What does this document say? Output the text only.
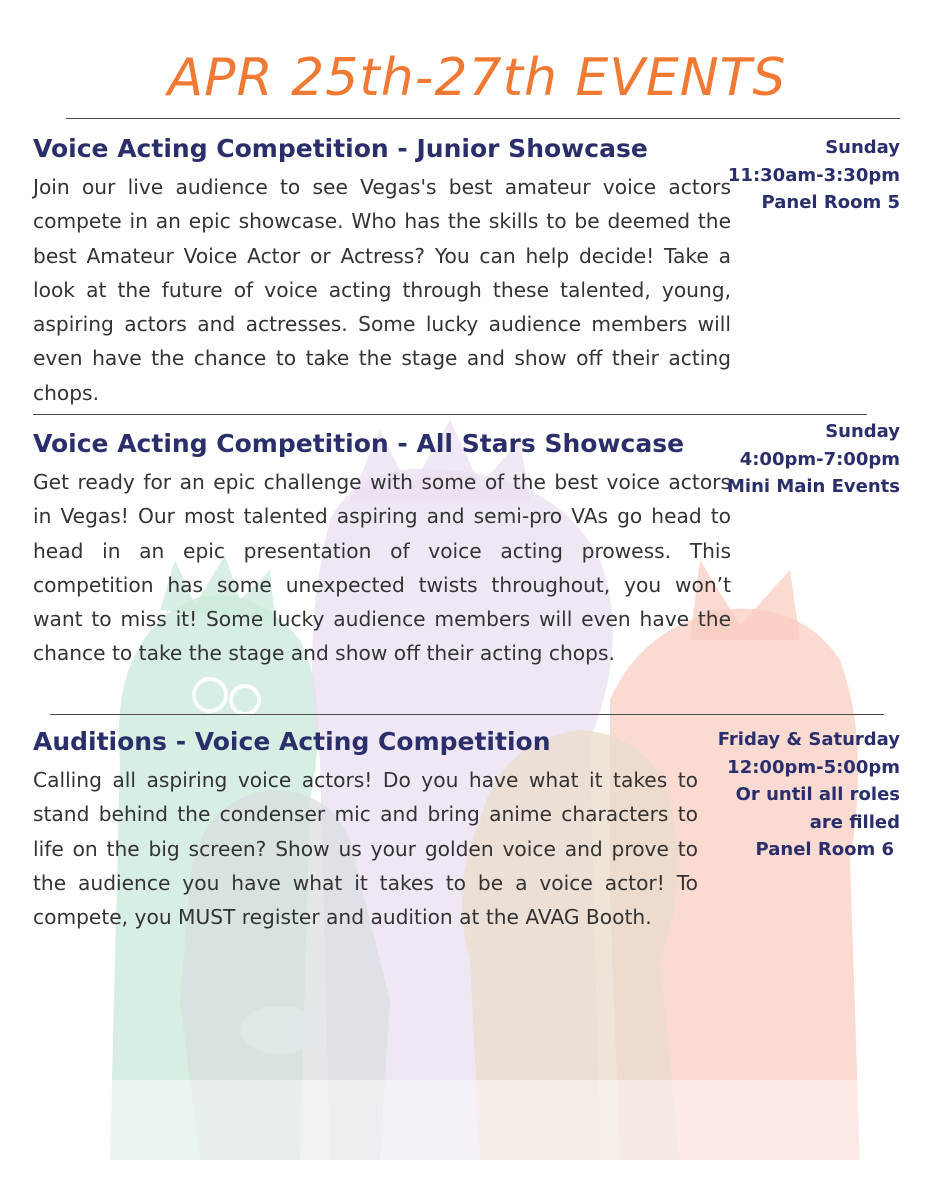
APR 25th-27th EVENTS
Voice Acting Competition - Junior Showcase

Join our live audience to see Vegas's best amateur voice actors compete in an epic showcase. Who has the skills to be deemed the best Amateur Voice Actor or Actress? You can help decide! Take a look at the future of voice acting through these talented, young, aspiring actors and actresses. Some lucky audience members will even have the chance to take the stage and show off their acting chops.

Sunday
11:30am-3:30pm
Panel Room 5
Voice Acting Competition - All Stars Showcase

Get ready for an epic challenge with some of the best voice actors in Vegas! Our most talented aspiring and semi-pro VAs go head to head in an epic presentation of voice acting prowess. This competition has some unexpected twists throughout, you won’t want to miss it! Some lucky audience members will even have the chance to take the stage and show off their acting chops.

Sunday
4:00pm-7:00pm
Mini Main Events
Auditions - Voice Acting Competition

Calling all aspiring voice actors! Do you have what it takes to stand behind the condenser mic and bring anime characters to life on the big screen? Show us your golden voice and prove to the audience you have what it takes to be a voice actor! To compete, you MUST register and audition at the AVAG Booth.

Friday & Saturday
12:00pm-5:00pm
Or until all roles
are filled
Panel Room 6
